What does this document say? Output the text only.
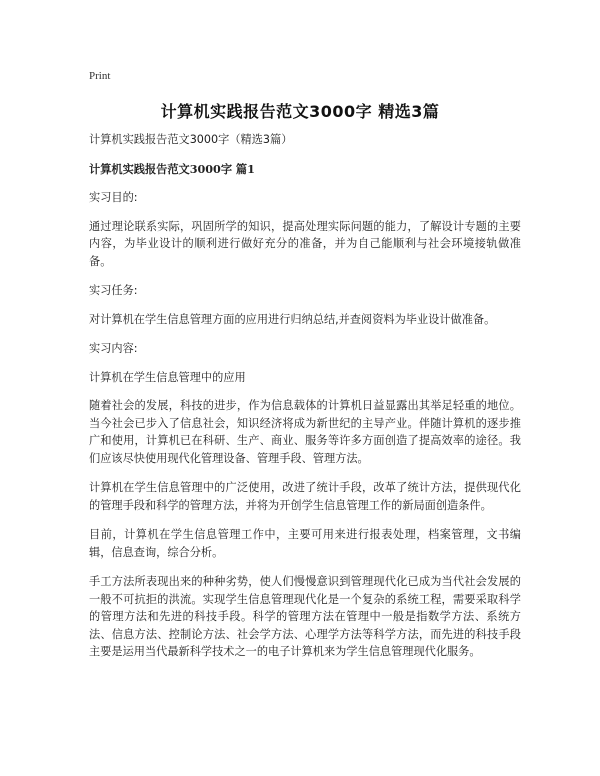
Print
计算机实践报告范文3000字 精选3篇

计算机实践报告范文3000字（精选3篇）

计算机实践报告范文3000字 篇1

实习目的:

通过理论联系实际，巩固所学的知识，提高处理实际问题的能力，了解设计专题的主要内容，为毕业设计的顺利进行做好充分的准备，并为自己能顺利与社会环境接轨做准备。

实习任务:

对计算机在学生信息管理方面的应用进行归纳总结,并查阅资料为毕业设计做准备。

实习内容:

计算机在学生信息管理中的应用

随着社会的发展，科技的进步，作为信息载体的计算机日益显露出其举足轻重的地位。当今社会已步入了信息社会，知识经济将成为新世纪的主导产业。伴随计算机的逐步推广和使用，计算机已在科研、生产、商业、服务等许多方面创造了提高效率的途径。我们应该尽快使用现代化管理设备、管理手段、管理方法。

计算机在学生信息管理中的广泛使用，改进了统计手段，改革了统计方法，提供现代化的管理手段和科学的管理方法，并将为开创学生信息管理工作的新局面创造条件。

目前，计算机在学生信息管理工作中，主要可用来进行报表处理，档案管理，文书编辑，信息查询，综合分析。

手工方法所表现出来的种种劣势，使人们慢慢意识到管理现代化已成为当代社会发展的一般不可抗拒的洪流。实现学生信息管理现代化是一个复杂的系统工程，需要采取科学的管理方法和先进的科技手段。科学的管理方法在管理中一般是指数学方法、系统方法、信息方法、控制论方法、社会学方法、心理学方法等科学方法，而先进的科技手段主要是运用当代最新科学技术之一的电子计算机来为学生信息管理现代化服务。
